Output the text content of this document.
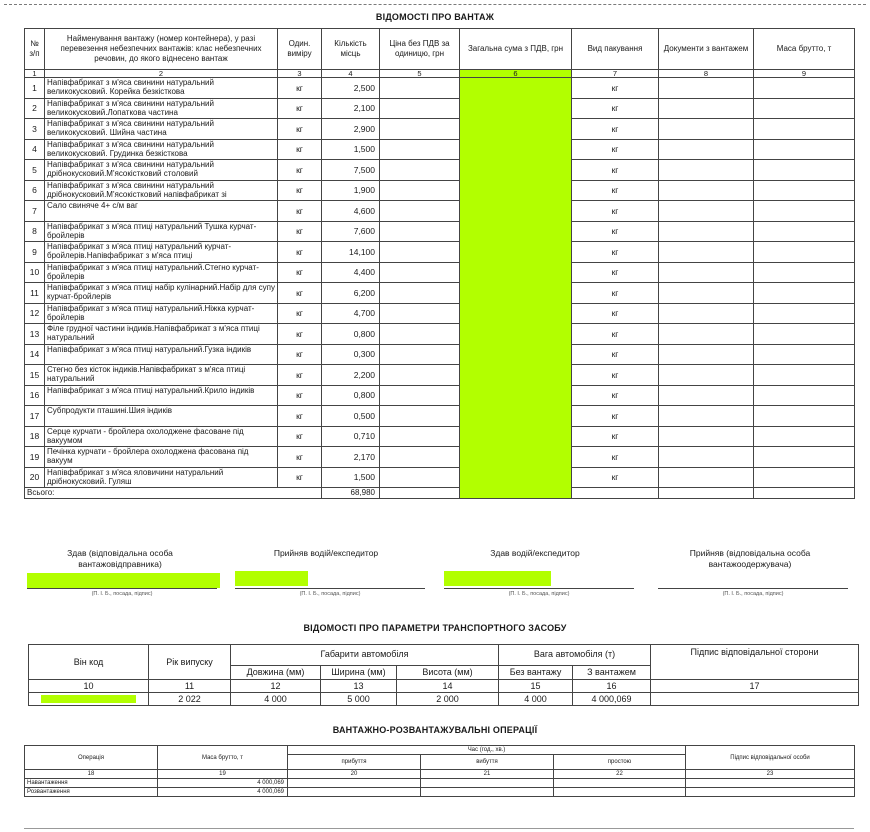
ВІДОМОСТІ ПРО ВАНТАЖ
№ з/п	Найменування вантажу (номер контейнера), у разі перевезення небезпечних вантажів: клас небезпечних речовин, до якого віднесено вантаж	Один. виміру	Кількість місць	Ціна без ПДВ за одиницю, грн	Загальна сума з ПДВ, грн	Вид пакування	Документи з вантажем	Маса брутто, т
1	2	3	4	5	6	7	8	9
1	Напівфабрикат з м'яса свинини натуральний великокусковий. Корейка безкісткова	кг	2,500			кг		
2	Напівфабрикат з м'яса свинини натуральний великокусковий.Лопаткова частина	кг	2,100			кг		
3	Напівфабрикат з м'яса свинини натуральний великокусковий. Шийна частина	кг	2,900			кг		
4	Напівфабрикат з м'яса свинини натуральний великокусковий. Грудинка безкісткова	кг	1,500			кг		
5	Напівфабрикат з м'яса свинини натуральний дрібнокусковий.М'ясокістковий столовий	кг	7,500			кг		
6	Напівфабрикат з м'яса свинини натуральний дрібнокусковий.М'ясокістковий напівфабрикат зі	кг	1,900			кг		
7	Сало свиняче 4+ с/м ваг	кг	4,600			кг		
8	Напівфабрикат з м'яса птиці натуральний Тушка курчат-бройлерів	кг	7,600			кг		
9	Напівфабрикат з м'яса птиці натуральний курчат-бройлерів.Напівфабрикат з м'яса птиці	кг	14,100			кг		
10	Напівфабрикат з м'яса птиці натуральний.Стегно курчат-бройлерів	кг	4,400			кг		
11	Напівфабрикат з м'яса птиці набір кулінарний.Набір для супу курчат-бройлерів	кг	6,200			кг		
12	Напівфабрикат з м'яса птиці натуральний.Ніжка курчат-бройлерів	кг	4,700			кг		
13	Філе грудної частини індиків.Напівфабрикат з м'яса птиці натуральний	кг	0,800			кг		
14	Напівфабрикат з м'яса птиці натуральний.Гузка індиків	кг	0,300			кг		
15	Стегно без кісток індиків.Напівфабрикат з м'яса птиці натуральний	кг	2,200			кг		
16	Напівфабрикат з м'яса птиці натуральний.Крило індиків	кг	0,800			кг		
17	Субпродукти пташині.Шия індиків	кг	0,500			кг		
18	Серце курчати - бройлера охолоджене фасоване під вакуумом	кг	0,710			кг		
19	Печінка курчати - бройлера охолоджена фасована під вакуум	кг	2,170			кг		
20	Напівфабрикат з м'яса яловичини натуральний дрібнокусковий. Гуляш	кг	1,500			кг		
Всього:			68,980					
Здав (відповідальна особа вантажовідправника)
Прийняв водій/експедитор	Здав водій/експедитор	Прийняв (відповідальна особа вантажоодержувача)
(П. І. Б., посада, підпис)	(П. І. Б., посада, підпис)	(П. І. Б., посада, підпис)	(П. І. Б., посада, підпис)
ВІДОМОСТІ ПРО ПАРАМЕТРИ ТРАНСПОРТНОГО ЗАСОБУ
Він код	Рік випуску	Габарити автомобіля			Вага автомобіля (т)		Підпис відповідальної сторони
		Довжина (мм)	Ширина (мм)	Висота (мм)	Без вантажу	З вантажем	
10	11	12	13	14	15	16	17

	2 022	4 000	5 000	2 000	4 000	4 000,069	
ВАНТАЖНО-РОЗВАНТАЖУВАЛЬНІ ОПЕРАЦІЇ
Операція	Маса брутто, т	Час (год., хв.)			Підпис відповідальної особи
		прибуття	вибуття	простою	
18	19	20	21	22	23
Навантаження	4 000,069				
Розвантаження	4 000,069				
